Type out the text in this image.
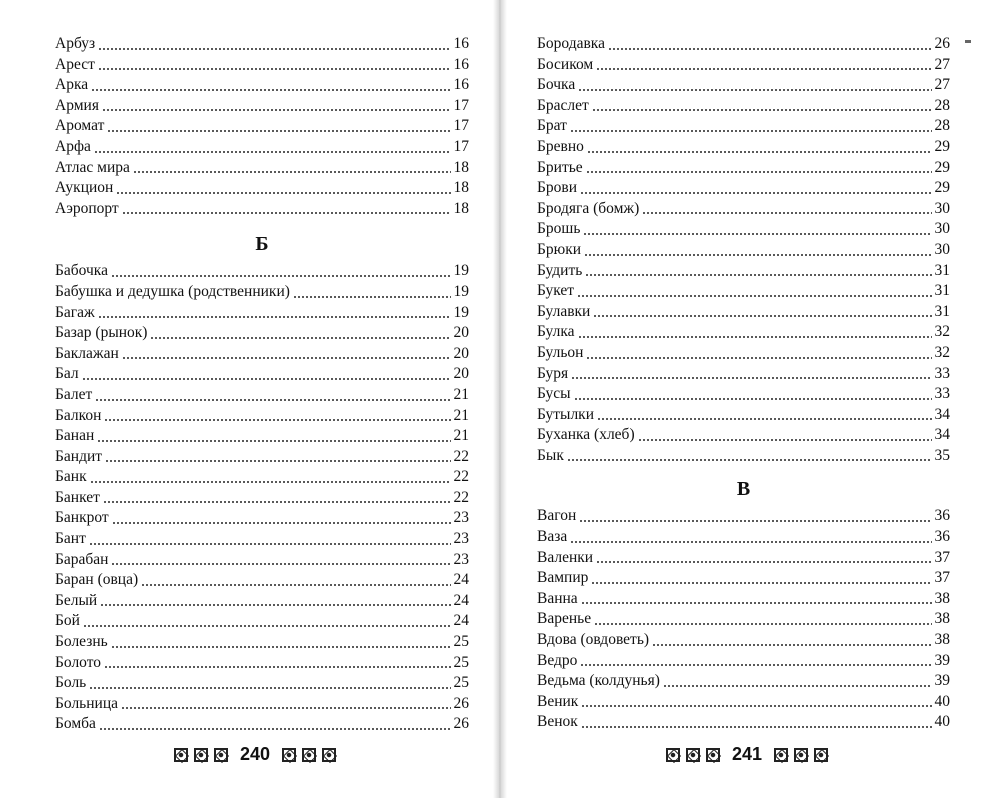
Арбуз	16
Арест	16
Арка	16
Армия	17
Аромат	17
Арфа	17
Атлас мира	18
Аукцион	18
Аэропорт	18
Б
Бабочка	19
Бабушка и дедушка (родственники)	19
Багаж	19
Базар (рынок)	20
Баклажан	20
Бал	20
Балет	21
Балкон	21
Банан	21
Бандит	22
Банк	22
Банкет	22
Банкрот	23
Бант	23
Барабан	23
Баран (овца)	24
Белый	24
Бой	24
Болезнь	25
Болото	25
Боль	25
Больница	26
Бомба	26
240
Бородавка	26
Босиком	27
Бочка	27
Браслет	28
Брат	28
Бревно	29
Бритье	29
Брови	29
Бродяга (бомж)	30
Брошь	30
Брюки	30
Будить	31
Букет	31
Булавки	31
Булка	32
Бульон	32
Буря	33
Бусы	33
Бутылки	34
Буханка (хлеб)	34
Бык	35
В
Вагон	36
Ваза	36
Валенки	37
Вампир	37
Ванна	38
Варенье	38
Вдова (овдоветь)	38
Ведро	39
Ведьма (колдунья)	39
Веник	40
Венок	40
241
